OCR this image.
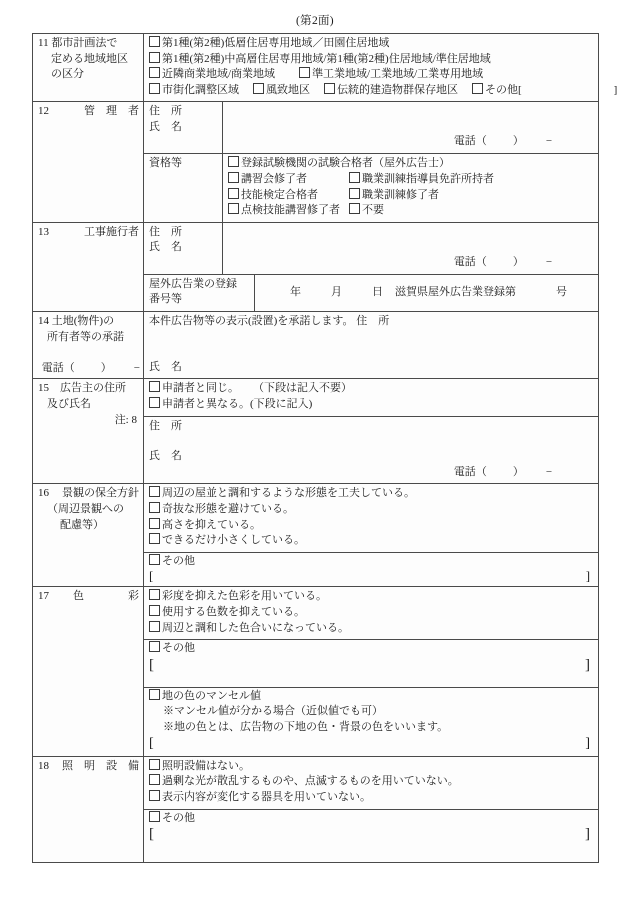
(第2面)
11 都市計画法で
定める地域地区
の区分	第1種(第2種)低層住居専用地域／田園住居地域
第1種(第2種)中高層住居専用地域/第1種(第2種)住居地域/準住居地域
近隣商業地域/商業地域 準工業地域/工業地域/工業専用地域
市街化調整区域 風致地区 伝統的建造物群保存地区 その他[ ]		

12 管　理　者	住　所
氏　名	電話（ ） −	

	資格等	登録試験機関の試験合格者（屋外広告士）
講習会修了者 職業訓練指導員免許所持者
技能検定合格者 職業訓練修了者
点検技能講習修了者 不要	

13 工事施行者	住　所
氏　名	電話（ ） −	

	屋外広告業の登録 番号等		年 月 日 滋賀県屋外広告業登録第 号

14 土地(物件)の
所有者等の承諾	本件広告物等の表示(設置)を承諾します。 住　所
氏　名
電話（ ） −		

15　広告主の住所
及び氏名
注: 8	申請者と同じ。 （下段は記入不要）
申請者と異なる。(下段に記入)		

	住　所
氏　名
電話（ ） −		

16 景観の保全方針
（周辺景観への
配慮等）	周辺の屋並と調和するような形態を工夫している。
奇抜な形態を避けている。
高さを抑えている。
できるだけ小さくしている。		

	その他
[ ]		

17 色　　　　彩	彩度を抑えた色彩を用いている。
使用する色数を抑えている。
周辺と調和した色合いになっている。		

	その他
[ ]		

	地の色のマンセル値
※マンセル値が分かる場合（近似値でも可）
※地の色とは、広告物の下地の色・背景の色をいいます。
[ ]		

18 照　明　設　備	照明設備はない。
過剰な光が散乱するものや、点滅するものを用いていない。
表示内容が変化する器具を用いていない。		

	その他
[ ]		
